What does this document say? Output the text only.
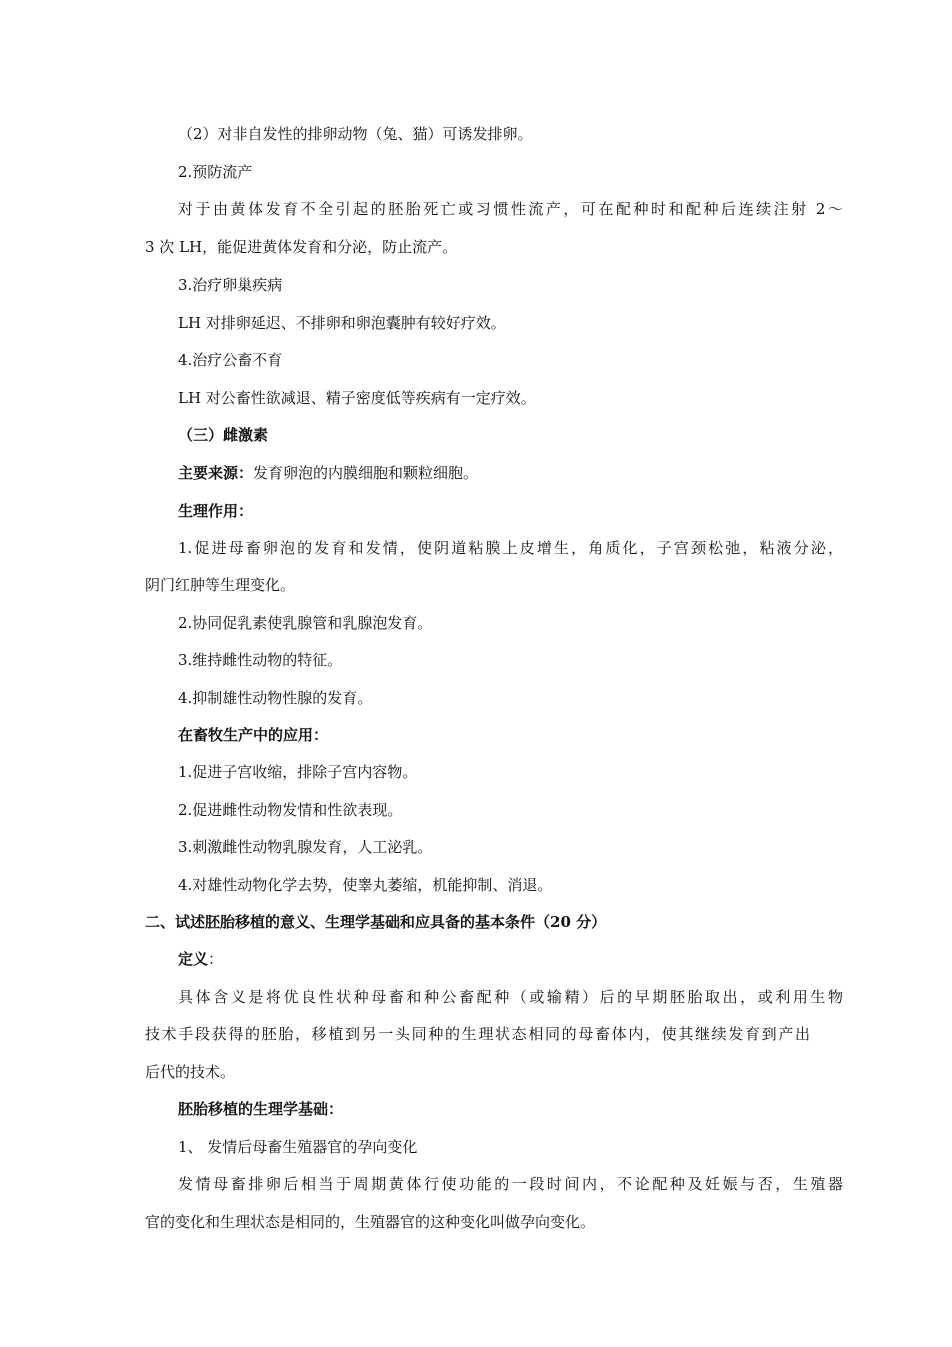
（2）对非自发性的排卵动物（兔、猫）可诱发排卵。
2.预防流产
对于由黄体发育不全引起的胚胎死亡或习惯性流产，可在配种时和配种后连续注射 2～
3 次 LH，能促进黄体发育和分泌，防止流产。
3.治疗卵巢疾病
LH 对排卵延迟、不排卵和卵泡囊肿有较好疗效。
4.治疗公畜不育
LH 对公畜性欲减退、精子密度低等疾病有一定疗效。
（三）雌激素
主要来源：发育卵泡的内膜细胞和颗粒细胞。
生理作用：
1.促进母畜卵泡的发育和发情，使阴道粘膜上皮增生，角质化，子宫颈松弛，粘液分泌，
阴门红肿等生理变化。
2.协同促乳素使乳腺管和乳腺泡发育。
3.维持雌性动物的特征。
4.抑制雄性动物性腺的发育。
在畜牧生产中的应用：
1.促进子宫收缩，排除子宫内容物。
2.促进雌性动物发情和性欲表现。
3.刺激雌性动物乳腺发育，人工泌乳。
4.对雄性动物化学去势，使睾丸萎缩，机能抑制、消退。
二、试述胚胎移植的意义、生理学基础和应具备的基本条件（20 分）
定义：
具体含义是将优良性状种母畜和种公畜配种（或输精）后的早期胚胎取出，或利用生物
技术手段获得的胚胎，移植到另一头同种的生理状态相同的母畜体内，使其继续发育到产出
后代的技术。
胚胎移植的生理学基础：
1、 发情后母畜生殖器官的孕向变化
发情母畜排卵后相当于周期黄体行使功能的一段时间内，不论配种及妊娠与否，生殖器
官的变化和生理状态是相同的，生殖器官的这种变化叫做孕向变化。
